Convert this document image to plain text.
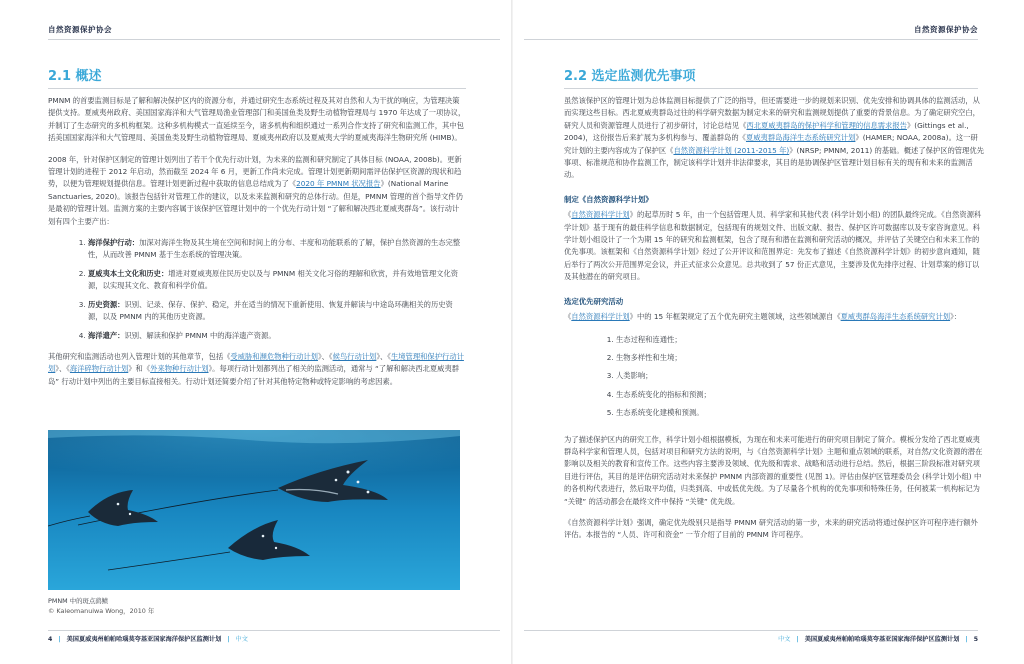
自然资源保护协会
2.1 概述

PMNM 的首要监测目标是了解和解决保护区内的资源分布，并通过研究生态系统过程及其对自然和人为干扰的响应，为管理决策提供支持。夏威夷州政府、美国国家海洋和大气管理局渔业管理部门和美国鱼类及野生动植物管理局与 1970 年达成了一项协议，并制订了生态研究的多机构框架。这种多机构模式一直延续至今，诸多机构和组织通过一系列合作支持了研究和监测工作，其中包括美国国家海洋和大气管理局、美国鱼类及野生动植物管理局、夏威夷州政府以及夏威夷大学的夏威夷海洋生物研究所 (HIMB)。

2008 年，针对保护区制定的管理计划列出了若干个优先行动计划，为未来的监测和研究制定了具体目标 (NOAA, 2008b)。更新管理计划的进程于 2012 年启动，然而截至 2024 年 6 月，更新工作尚未完成。管理计划更新期间需评估保护区资源的现状和趋势，以便为管理规划提供信息。管理计划更新过程中获取的信息总结成为了《2020 年 PMNM 状况报告》(National Marine Sanctuaries, 2020)。该报告包括针对管理工作的建议，以及未来监测和研究的总体行动。但是，PMNM 管理的首个指导文件仍是最初的管理计划。监测方案的主要内容属于该保护区管理计划中的一个优先行动计划 “了解和解决西北夏威夷群岛”。该行动计划有四个主要产出：

1. 海洋保护行动：加深对海洋生物及其生境在空间和时间上的分布、丰度和功能联系的了解，保护自然资源的生态完整性，从而改善 PMNM 基于生态系统的管理决策。
2. 夏威夷本土文化和历史：增进对夏威夷原住民历史以及与 PMNM 相关文化习俗的理解和欣赏，并有效地管理文化资源，以实现其文化、教育和科学价值。
3. 历史资源：识别、记录、保存、保护、稳定，并在适当的情况下重新使用、恢复并解读与中途岛环礁相关的历史资源，以及 PMNM 内的其他历史资源。
4. 海洋遗产：识别、解读和保护 PMNM 中的海洋遗产资源。

其他研究和监测活动也列入管理计划的其他章节，包括《受威胁和濒危物种行动计划》、《候鸟行动计划》、《生境管理和保护行动计划》、《海洋碎物行动计划》和《外来物种行动计划》。每项行动计划都列出了相关的监测活动，通常与 “了解和解决西北夏威夷群岛” 行动计划中列出的主要目标直接相关。行动计划还简要介绍了针对其他特定物种或特定影响的考虑因素。

PMNM 中的斑点鹞鲼
© Kaleomanuiwa Wong，2010 年
4 | 美国夏威夷州帕帕哈瑙莫夸基亚国家海洋保护区监测计划 | 中文
自然资源保护协会
2.2 选定监测优先事项

虽然该保护区的管理计划为总体监测目标提供了广泛的指导，但还需要进一步的规划来识别、优先安排和协调具体的监测活动，从而实现这些目标。西北夏威夷群岛过往的科学研究数据为制定未来的研究和监测规划提供了重要的背景信息。为了确定研究空白，研究人员和资源管理人员进行了初步研讨，讨论总结见《西北夏威夷群岛的保护科学和管理的信息需求报告》(Gittings et al., 2004)，这份报告后来扩展为多机构参与、覆盖群岛的《夏威夷群岛海洋生态系统研究计划》(HAMER; NOAA, 2008a)。这一研究计划的主要内容成为了保护区《自然资源科学计划 (2011-2015 年)》(NRSP; PMNM, 2011) 的基础。概述了保护区的管理优先事项、标准规范和协作监测工作，制定该科学计划并非法律要求，其目的是协调保护区管理计划目标有关的现有和未来的监测活动。

制定《自然资源科学计划》

《自然资源科学计划》的起草历时 5 年，由一个包括管理人员、科学家和其他代表 (科学计划小组) 的团队最终完成。《自然资源科学计划》基于现有的最佳科学信息和数据制定，包括现有的规划文件、出版文献、报告、保护区许可数据库以及专家咨询意见。科学计划小组设计了一个为期 15 年的研究和监测框架，包含了现有和潜在监测和研究活动的概况，并评估了关键空白和未来工作的优先事项。该框架和《自然资源科学计划》经过了公开评议和范围界定：先发布了描述《自然资源科学计划》的初步意向通知，随后举行了两次公开范围界定会议，并正式征求公众意见。总共收到了 57 份正式意见，主要涉及优先排序过程、计划草案的修订以及其他潜在的研究项目。

选定优先研究活动

《自然资源科学计划》中的 15 年框架规定了五个优先研究主题领域，这些领域源自《夏威夷群岛海洋生态系统研究计划》：

1. 生态过程和连通性；
2. 生物多样性和生境；
3. 人类影响；
4. 生态系统变化的指标和预测；
5. 生态系统变化建模和预测。

为了描述保护区内的研究工作，科学计划小组根据模板，为现在和未来可能进行的研究项目制定了简介。模板分发给了西北夏威夷群岛科学家和管理人员，包括对项目和研究方法的说明，与《自然资源科学计划》主题和重点领域的联系，对自然/文化资源的潜在影响以及相关的教育和宣传工作。这些内容主要涉及领域、优先级和需求、战略和活动进行总结。然后，根据三阶段标准对研究项目进行评估，其目的是评估研究活动对未来保护 PMNM 内部资源的重要性 (见图 1)。评估由保护区管理委员会 (科学计划小组) 中的各机构代表进行，然后取平均值，归类到高、中或低优先级。为了尽量各个机构的优先事项和特殊任务，任何被某一机构标记为 “关键” 的活动都会在最终文件中保持 “关键” 优先级。

《自然资源科学计划》强调，确定优先级别只是指导 PMNM 研究活动的第一步，未来的研究活动将通过保护区许可程序进行额外评估。本报告的 “人员、许可和资金” 一节介绍了目前的 PMNM 许可程序。

中文 | 美国夏威夷州帕帕哈瑙莫夸基亚国家海洋保护区监测计划 | 5
